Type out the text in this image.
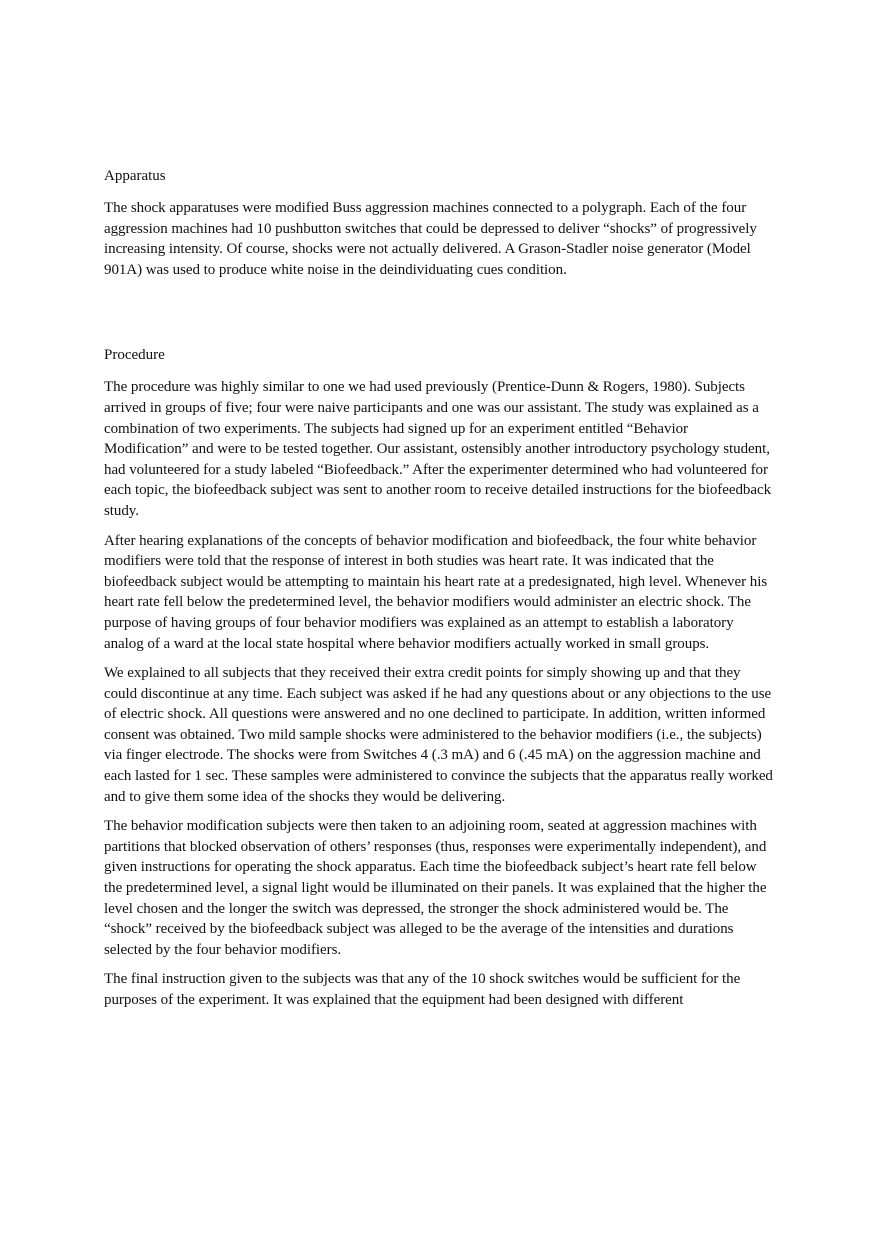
Apparatus

The shock apparatuses were modified Buss aggression machines connected to a polygraph. Each of the four aggression machines had 10 pushbutton switches that could be depressed to deliver “shocks” of progressively increasing intensity. Of course, shocks were not actually delivered. A Grason-Stadler noise generator (Model 901A) was used to produce white noise in the deindividuating cues condition.

Procedure

The procedure was highly similar to one we had used previously (Prentice-Dunn & Rogers, 1980). Subjects arrived in groups of five; four were naive participants and one was our assistant. The study was explained as a combination of two experiments. The subjects had signed up for an experiment entitled “Behavior Modification” and were to be tested together. Our assistant, ostensibly another introductory psychology student, had volunteered for a study labeled “Biofeedback.” After the experimenter determined who had volunteered for each topic, the biofeedback subject was sent to another room to receive detailed instructions for the biofeedback study.

After hearing explanations of the concepts of behavior modification and biofeedback, the four white behavior modifiers were told that the response of interest in both studies was heart rate. It was indicated that the biofeedback subject would be attempting to maintain his heart rate at a predesignated, high level. Whenever his heart rate fell below the predetermined level, the behavior modifiers would administer an electric shock. The purpose of having groups of four behavior modifiers was explained as an attempt to establish a laboratory analog of a ward at the local state hospital where behavior modifiers actually worked in small groups.

We explained to all subjects that they received their extra credit points for simply showing up and that they could discontinue at any time. Each subject was asked if he had any questions about or any objections to the use of electric shock. All questions were answered and no one declined to participate. In addition, written informed consent was obtained. Two mild sample shocks were administered to the behavior modifiers (i.e., the subjects) via finger electrode. The shocks were from Switches 4 (.3 mA) and 6 (.45 mA) on the aggression machine and each lasted for 1 sec. These samples were administered to convince the subjects that the apparatus really worked and to give them some idea of the shocks they would be delivering.

The behavior modification subjects were then taken to an adjoining room, seated at aggression machines with partitions that blocked observation of others’ responses (thus, responses were experimentally independent), and given instructions for operating the shock apparatus. Each time the biofeedback subject’s heart rate fell below the predetermined level, a signal light would be illuminated on their panels. It was explained that the higher the level chosen and the longer the switch was depressed, the stronger the shock administered would be. The “shock” received by the biofeedback subject was alleged to be the average of the intensities and durations selected by the four behavior modifiers.

The final instruction given to the subjects was that any of the 10 shock switches would be sufficient for the purposes of the experiment. It was explained that the equipment had been designed with different
